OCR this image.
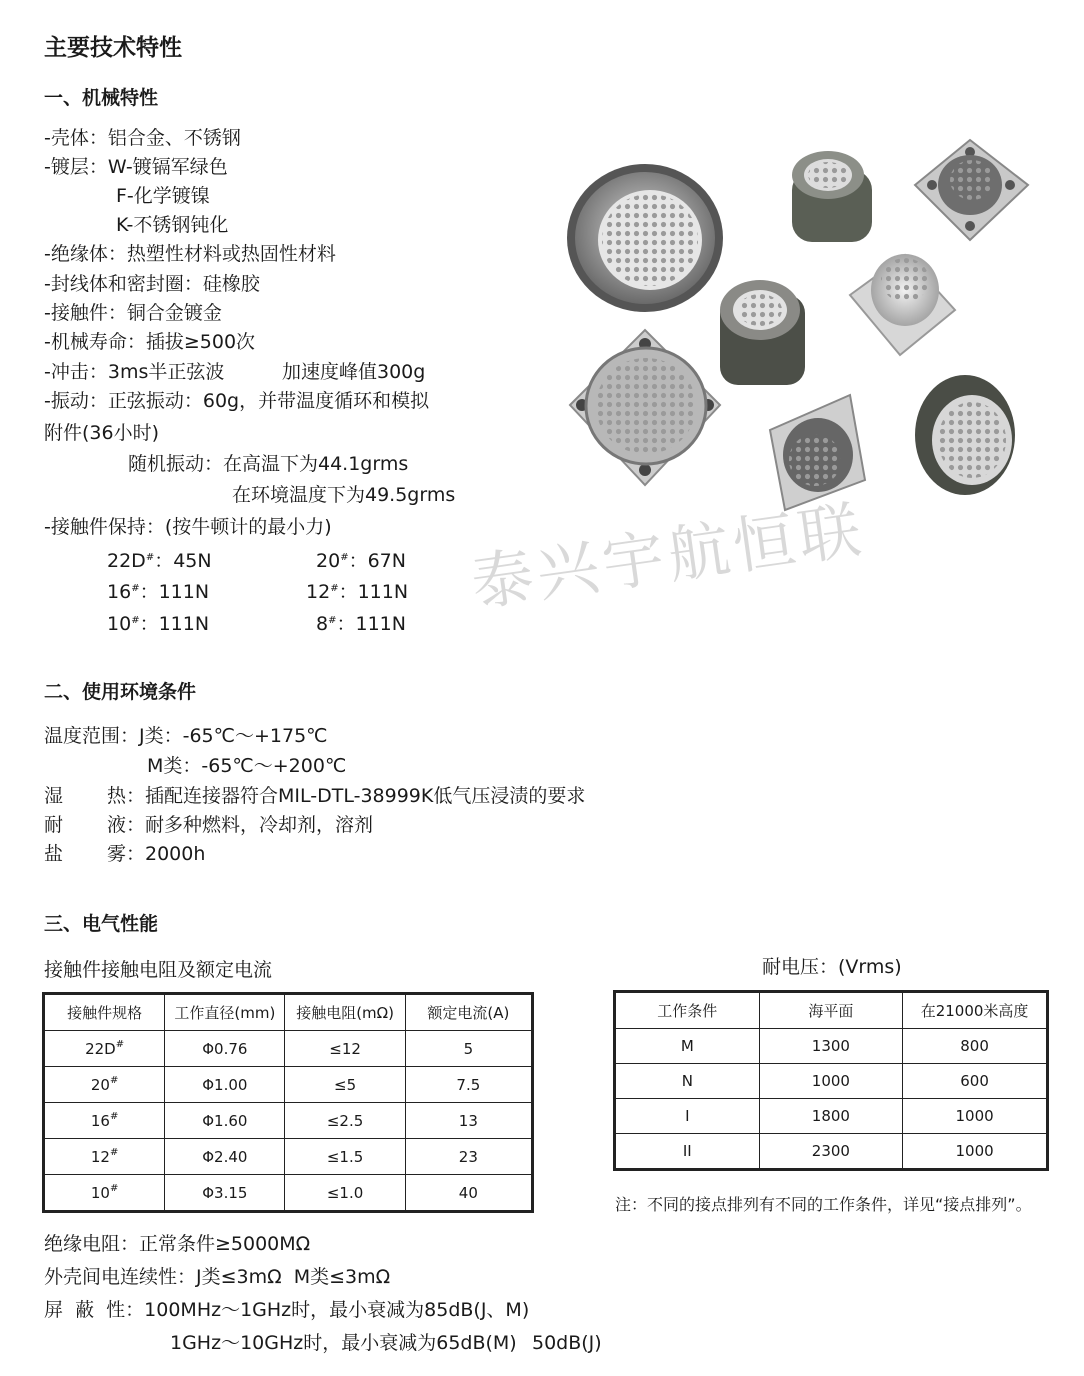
主要技术特性
一、机械特性
-壳体：铝合金、不锈钢
-镀层：W-镀镉军绿色
F-化学镀镍
K-不锈钢钝化
-绝缘体：热塑性材料或热固性材料
-封线体和密封圈：硅橡胶
-接触件：铜合金镀金
-机械寿命：插拔≥500次
-冲击：3ms半正弦波	加速度峰值300g
-振动：正弦振动：60g，并带温度循环和模拟
附件(36小时)
随机振动：在高温下为44.1grms
在环境温度下为49.5grms
-接触件保持：(按牛顿计的最小力)
22D#：45N	20#：67N
16#：111N	12#：111N
10#：111N	8#：111N
泰兴宇航恒联
二、使用环境条件
温度范围：J类：-65℃～+175℃
M类：-65℃～+200℃
湿 热：插配连接器符合MIL-DTL-38999K低气压浸渍的要求
耐 液：耐多种燃料，冷却剂，溶剂
盐 雾：2000h
三、电气性能
接触件接触电阻及额定电流	耐电压：(Vrms)
接触件规格	工作直径(mm)	接触电阻(mΩ)	额定电流(A)
22D#	Φ0.76	≤12	5
20#	Φ1.00	≤5	7.5
16#	Φ1.60	≤2.5	13
12#	Φ2.40	≤1.5	23
10#	Φ3.15	≤1.0	40
工作条件	海平面	在21000米高度
M	1300	800
N	1000	600
I	1800	1000
II	2300	1000
注：不同的接点排列有不同的工作条件，详见“接点排列”。
绝缘电阻：正常条件≥5000MΩ
外壳间电连续性：J类≤3mΩ  M类≤3mΩ
屏  蔽  性：100MHz～1GHz时，最小衰减为85dB(J、M)
1GHz～10GHz时，最小衰减为65dB(M) 50dB(J)
